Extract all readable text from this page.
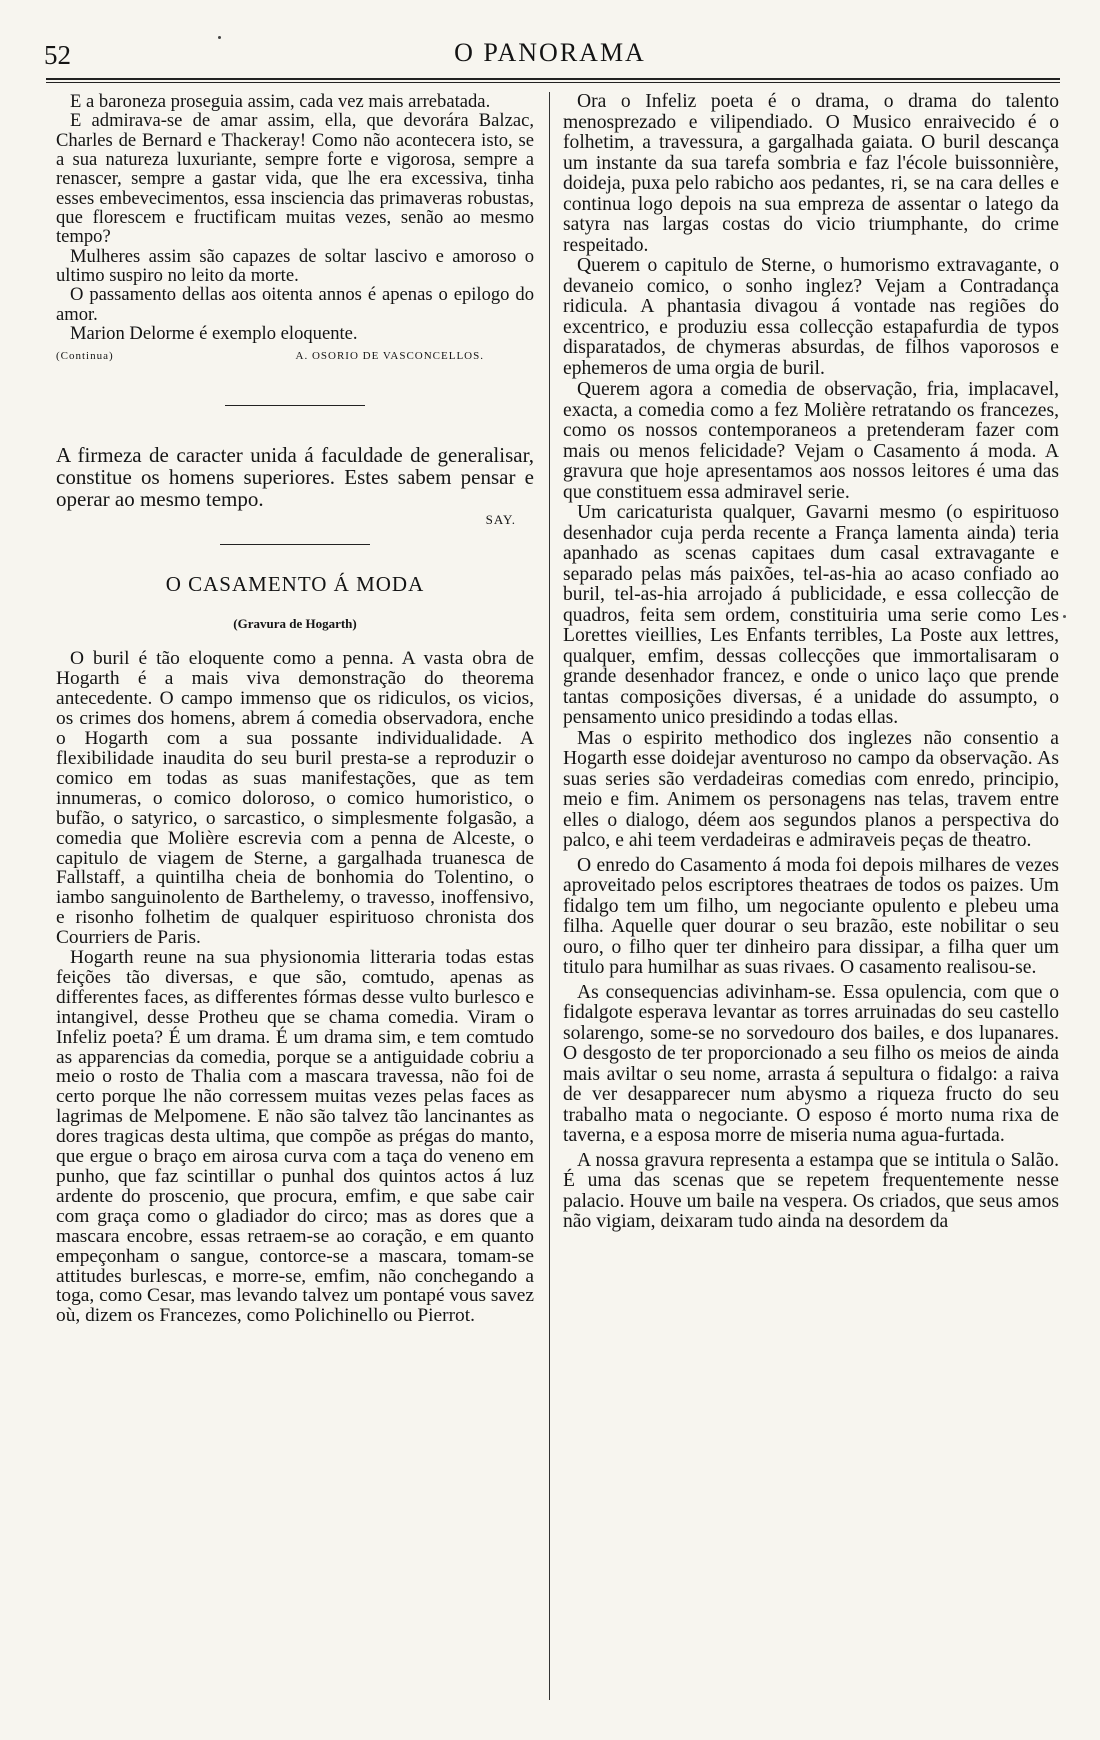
52	O PANORAMA

E a baroneza proseguia assim, cada vez mais arrebatada.

E admirava-se de amar assim, ella, que devorára Balzac, Charles de Bernard e Thackeray! Como não acontecera isto, se a sua natureza luxuriante, sempre forte e vigorosa, sempre a renascer, sempre a gastar vida, que lhe era excessiva, tinha esses embevecimentos, essa insciencia das primaveras robustas, que florescem e fructificam muitas vezes, senão ao mesmo tempo?

Mulheres assim são capazes de soltar lascivo e amoroso o ultimo suspiro no leito da morte.

O passamento dellas aos oitenta annos é apenas o epilogo do amor.

Marion Delorme é exemplo eloquente.

(Continua)	A. OSORIO DE VASCONCELLOS.

A firmeza de caracter unida á faculdade de generalisar, constitue os homens superiores. Estes sabem pensar e operar ao mesmo tempo.

SAY.

O CASAMENTO Á MODA
(Gravura de Hogarth)

O buril é tão eloquente como a penna. A vasta obra de Hogarth é a mais viva demonstração do theorema antecedente. O campo immenso que os ridiculos, os vicios, os crimes dos homens, abrem á comedia observadora, enche o Hogarth com a sua possante individualidade. A flexibilidade inaudita do seu buril presta-se a reproduzir o comico em todas as suas manifestações, que as tem innumeras, o comico doloroso, o comico humoristico, o bufão, o satyrico, o sarcastico, o simplesmente folgasão, a comedia que Molière escrevia com a penna de Alceste, o capitulo de viagem de Sterne, a gargalhada truanesca de Fallstaff, a quintilha cheia de bonhomia do Tolentino, o iambo sanguinolento de Barthelemy, o travesso, inoffensivo, e risonho folhetim de qualquer espirituoso chronista dos Courriers de Paris.

Hogarth reune na sua physionomia litteraria todas estas feições tão diversas, e que são, comtudo, apenas as differentes faces, as differentes fórmas desse vulto burlesco e intangivel, desse Protheu que se chama comedia. Viram o Infeliz poeta? É um drama. É um drama sim, e tem comtudo as apparencias da comedia, porque se a antiguidade cobriu a meio o rosto de Thalia com a mascara travessa, não foi de certo porque lhe não corressem muitas vezes pelas faces as lagrimas de Melpomene. E não são talvez tão lancinantes as dores tragicas desta ultima, que compõe as prégas do manto, que ergue o braço em airosa curva com a taça do veneno em punho, que faz scintillar o punhal dos quintos actos á luz ardente do proscenio, que procura, emfim, e que sabe cair com graça como o gladiador do circo; mas as dores que a mascara encobre, essas retraem-se ao coração, e em quanto empeçonham o sangue, contorce-se a mascara, tomam-se attitudes burlescas, e morre-se, emfim, não conchegando a toga, como Cesar, mas levando talvez um pontapé vous savez où, dizem os Francezes, como Polichinello ou Pierrot.

Ora o Infeliz poeta é o drama, o drama do talento menosprezado e vilipendiado. O Musico enraivecido é o folhetim, a travessura, a gargalhada gaiata. O buril descança um instante da sua tarefa sombria e faz l'école buissonnière, doideja, puxa pelo rabicho aos pedantes, ri, se na cara delles e continua logo depois na sua empreza de assentar o latego da satyra nas largas costas do vicio triumphante, do crime respeitado.

Querem o capitulo de Sterne, o humorismo extravagante, o devaneio comico, o sonho inglez? Vejam a Contradança ridicula. A phantasia divagou á vontade nas regiões do excentrico, e produziu essa collecção estapafurdia de typos disparatados, de chymeras absurdas, de filhos vaporosos e ephemeros de uma orgia de buril.

Querem agora a comedia de observação, fria, implacavel, exacta, a comedia como a fez Molière retratando os francezes, como os nossos contemporaneos a pretenderam fazer com mais ou menos felicidade? Vejam o Casamento á moda. A gravura que hoje apresentamos aos nossos leitores é uma das que constituem essa admiravel serie.

Um caricaturista qualquer, Gavarni mesmo (o espirituoso desenhador cuja perda recente a França lamenta ainda) teria apanhado as scenas capitaes dum casal extravagante e separado pelas más paixões, tel-as-hia ao acaso confiado ao buril, tel-as-hia arrojado á publicidade, e essa collecção de quadros, feita sem ordem, constituiria uma serie como Les Lorettes vieillies, Les Enfants terribles, La Poste aux lettres, qualquer, emfim, dessas collecções que immortalisaram o grande desenhador francez, e onde o unico laço que prende tantas composições diversas, é a unidade do assumpto, o pensamento unico presidindo a todas ellas.

Mas o espirito methodico dos inglezes não consentio a Hogarth esse doidejar aventuroso no campo da observação. As suas series são verdadeiras comedias com enredo, principio, meio e fim. Animem os personagens nas telas, travem entre elles o dialogo, déem aos segundos planos a perspectiva do palco, e ahi teem verdadeiras e admiraveis peças de theatro.

O enredo do Casamento á moda foi depois milhares de vezes aproveitado pelos escriptores theatraes de todos os paizes. Um fidalgo tem um filho, um negociante opulento e plebeu uma filha. Aquelle quer dourar o seu brazão, este nobilitar o seu ouro, o filho quer ter dinheiro para dissipar, a filha quer um titulo para humilhar as suas rivaes. O casamento realisou-se.

As consequencias adivinham-se. Essa opulencia, com que o fidalgote esperava levantar as torres arruinadas do seu castello solarengo, some-se no sorvedouro dos bailes, e dos lupanares. O desgosto de ter proporcionado a seu filho os meios de ainda mais aviltar o seu nome, arrasta á sepultura o fidalgo: a raiva de ver desapparecer num abysmo a riqueza fructo do seu trabalho mata o negociante. O esposo é morto numa rixa de taverna, e a esposa morre de miseria numa agua-furtada.

A nossa gravura representa a estampa que se intitula o Salão. É uma das scenas que se repetem frequentemente nesse palacio. Houve um baile na vespera. Os criados, que seus amos não vigiam, deixaram tudo ainda na desordem da
